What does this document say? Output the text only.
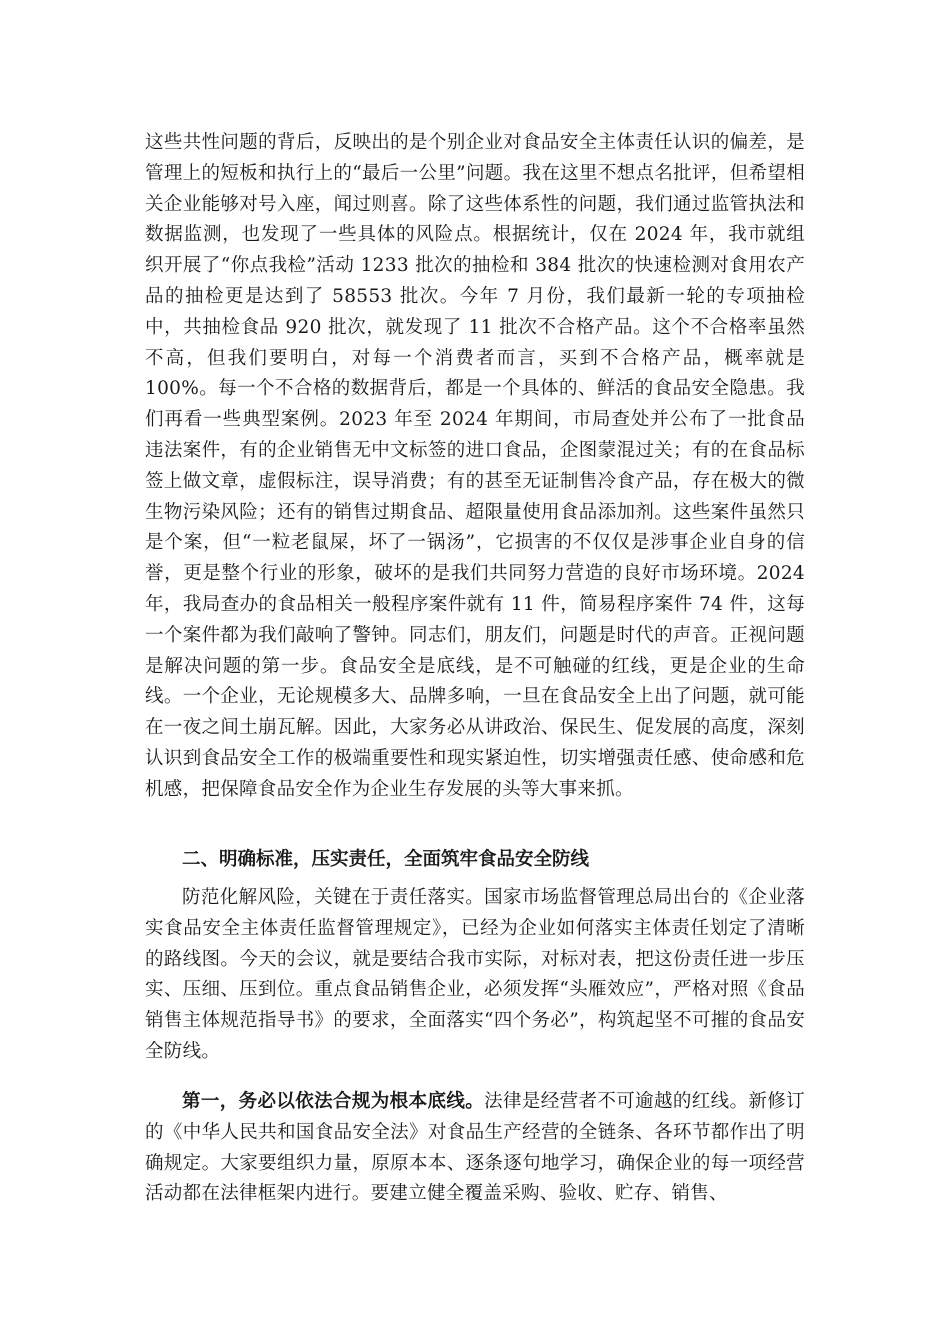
这些共性问题的背后，反映出的是个别企业对食品安全主体责任认识的偏差，是管理上的短板和执行上的“最后一公里”问题。我在这里不想点名批评，但希望相关企业能够对号入座，闻过则喜。除了这些体系性的问题，我们通过监管执法和数据监测，也发现了一些具体的风险点。根据统计，仅在 2024 年，我市就组织开展了“你点我检”活动 1233 批次的抽检和 384 批次的快速检测对食用农产品的抽检更是达到了 58553 批次。今年 7 月份，我们最新一轮的专项抽检中，共抽检食品 920 批次，就发现了 11 批次不合格产品。这个不合格率虽然不高，但我们要明白，对每一个消费者而言，买到不合格产品，概率就是 100%。每一个不合格的数据背后，都是一个具体的、鲜活的食品安全隐患。我们再看一些典型案例。2023 年至 2024 年期间，市局查处并公布了一批食品违法案件，有的企业销售无中文标签的进口食品，企图蒙混过关；有的在食品标签上做文章，虚假标注，误导消费；有的甚至无证制售冷食产品，存在极大的微生物污染风险；还有的销售过期食品、超限量使用食品添加剂。这些案件虽然只是个案，但“一粒老鼠屎，坏了一锅汤”，它损害的不仅仅是涉事企业自身的信誉，更是整个行业的形象，破坏的是我们共同努力营造的良好市场环境。2024 年，我局查办的食品相关一般程序案件就有 11 件，简易程序案件 74 件，这每一个案件都为我们敲响了警钟。同志们，朋友们，问题是时代的声音。正视问题是解决问题的第一步。食品安全是底线，是不可触碰的红线，更是企业的生命线。一个企业，无论规模多大、品牌多响，一旦在食品安全上出了问题，就可能在一夜之间土崩瓦解。因此，大家务必从讲政治、保民生、促发展的高度，深刻认识到食品安全工作的极端重要性和现实紧迫性，切实增强责任感、使命感和危机感，把保障食品安全作为企业生存发展的头等大事来抓。

二、明确标准，压实责任，全面筑牢食品安全防线

防范化解风险，关键在于责任落实。国家市场监督管理总局出台的《企业落实食品安全主体责任监督管理规定》，已经为企业如何落实主体责任划定了清晰的路线图。今天的会议，就是要结合我市实际，对标对表，把这份责任进一步压实、压细、压到位。重点食品销售企业，必须发挥“头雁效应”，严格对照《食品销售主体规范指导书》的要求，全面落实“四个务必”，构筑起坚不可摧的食品安全防线。

第一，务必以依法合规为根本底线。法律是经营者不可逾越的红线。新修订的《中华人民共和国食品安全法》对食品生产经营的全链条、各环节都作出了明确规定。大家要组织力量，原原本本、逐条逐句地学习，确保企业的每一项经营活动都在法律框架内进行。要建立健全覆盖采购、验收、贮存、销售、
